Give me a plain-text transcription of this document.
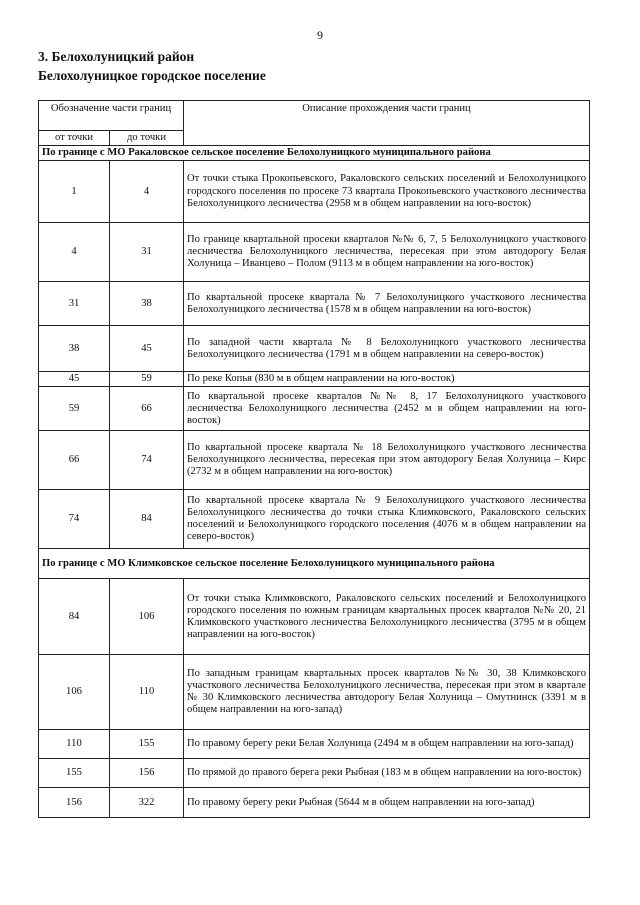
9
3. Белохолуницкий район
Белохолуницкое городское поселение
Обозначение части границ		Описание прохождения части границ
от точки	до точки	
По границе с МО Ракаловское сельское поселение Белохолуницкого муниципального района		
1	4	От точки стыка Прокопьевского, Ракаловского сельских поселений и Белохолуницкого городского поселения по просеке 73 квартала Прокопьевского участкового лесничества Белохолуницкого лесничества (2958 м в общем направлении на юго-восток)
4	31	По границе квартальной просеки кварталов №№ 6, 7, 5 Белохолуницкого участкового лесничества Белохолуницкого лесничества, пересекая при этом автодорогу Белая Холуница – Иванцево – Полом (9113 м в общем направлении на юго-восток)
31	38	По квартальной просеке квартала № 7 Белохолуницкого участкового лесничества Белохолуницкого лесничества (1578 м в общем направлении на юго-восток)
38	45	По западной части квартала № 8 Белохолуницкого участкового лесничества Белохолуницкого лесничества (1791 м в общем направлении на северо-восток)
45	59	По реке Копья (830 м в общем направлении на юго-восток)
59	66	По квартальной просеке кварталов №№ 8, 17 Белохолуницкого участкового лесничества Белохолуницкого лесничества (2452 м в общем направлении на юго-восток)
66	74	По квартальной просеке квартала № 18 Белохолуницкого участкового лесничества Белохолуницкого лесничества, пересекая при этом автодорогу Белая Холуница – Кирс (2732 м в общем направлении на юго-восток)
74	84	По квартальной просеке квартала № 9 Белохолуницкого участкового лесничества Белохолуницкого лесничества до точки стыка Климковского, Ракаловского сельских поселений и Белохолуницкого городского поселения (4076 м в общем направлении на северо-восток)
По границе с МО Климковское сельское поселение Белохолуницкого муниципального района		
84	106	От точки стыка Климковского, Ракаловского сельских поселений и Белохолуницкого городского поселения по южным границам квартальных просек кварталов №№ 20, 21 Климковского участкового лесничества Белохолуницкого лесничества (3795 м в общем направлении на юго-восток)
106	110	По западным границам квартальных просек кварталов №№ 30, 38 Климковского участкового лесничества Белохолуницкого лесничества, пересекая при этом в квартале № 30 Климковского лесничества автодорогу Белая Холуница – Омутнинск (3391 м в общем направлении на юго-запад)
110	155	По правому берегу реки Белая Холуница (2494 м в общем направлении на юго-запад)
155	156	По прямой до правого берега реки Рыбная (183 м в общем направлении на юго-восток)
156	322	По правому берегу реки Рыбная (5644 м в общем направлении на юго-запад)
